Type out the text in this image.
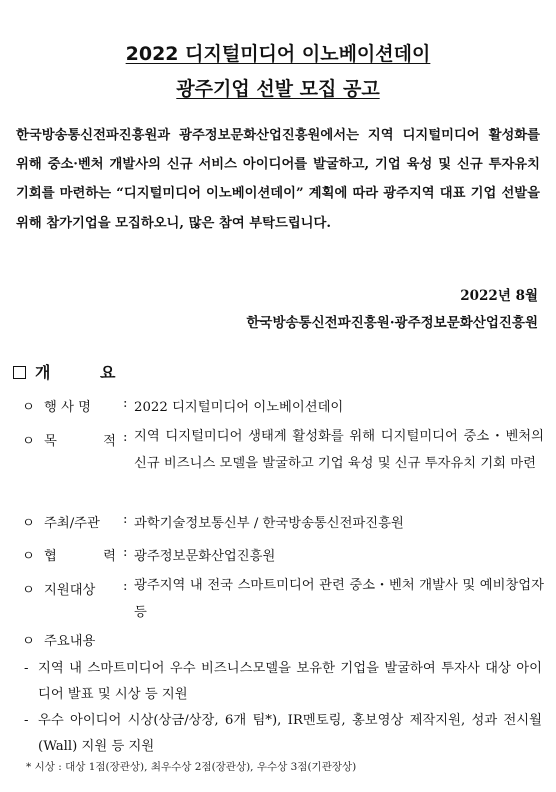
2022 디지털미디어 이노베이션데이
광주기업 선발 모집 공고
한국방송통신전파진흥원과 광주정보문화산업진흥원에서는 지역 디지털미디어 활성화를 위해 중소·벤처 개발사의 신규 서비스 아이디어를 발굴하고, 기업 육성 및 신규 투자유치 기회를 마련하는 “디지털미디어 이노베이션데이” 계획에 따라 광주지역 대표 기업 선발을 위해 참가기업을 모집하오니, 많은 참여 부탁드립니다.
2022년 8월
한국방송통신전파진흥원·광주정보문화산업진흥원
개 요
ㅇ 행 사 명	: 2022 디지털미디어 이노베이션데이
ㅇ 목	적 : 지역 디지털미디어 생태계 활성화를 위해 디지털미디어 중소・벤처의 신규 비즈니스 모델을 발굴하고 기업 육성 및 신규 투자유치 기회 마련
ㅇ 주최/주관	: 과학기술정보통신부 / 한국방송통신전파진흥원
ㅇ 협	력 : 광주정보문화산업진흥원
ㅇ 지원대상	: 광주지역 내 전국 스마트미디어 관련 중소・벤처 개발사 및 예비창업자 등
ㅇ 주요내용
- 지역 내 스마트미디어 우수 비즈니스모델을 보유한 기업을 발굴하여 투자사 대상 아이디어 발표 및 시상 등 지원
- 우수 아이디어 시상(상금/상장, 6개 팀*), IR멘토링, 홍보영상 제작지원, 성과 전시월(Wall) 지원 등 지원
* 시상 : 대상 1점(장관상), 최우수상 2점(장관상), 우수상 3점(기관장상)
